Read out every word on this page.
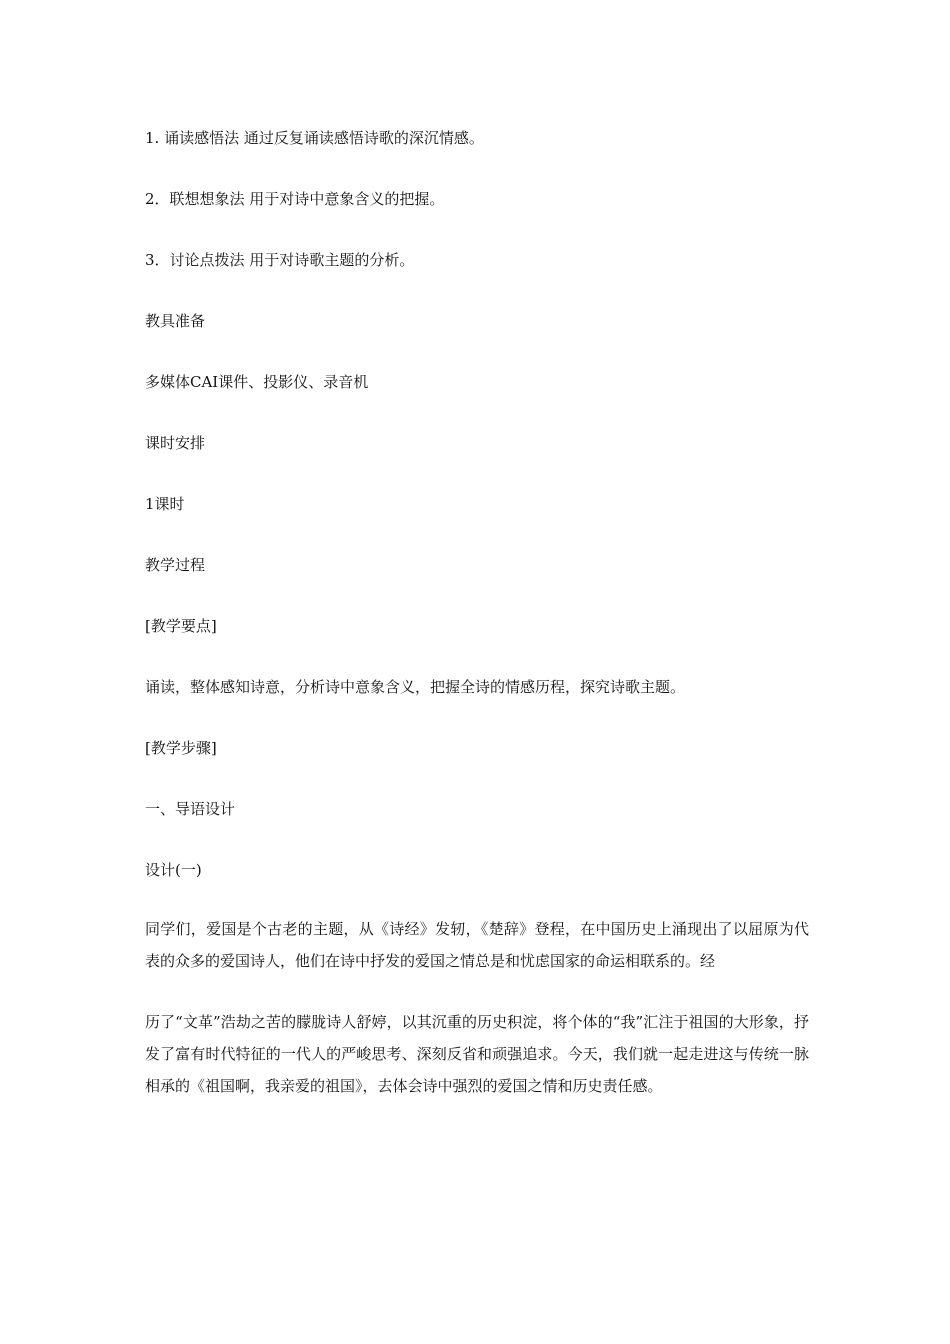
1. 诵读感悟法 通过反复诵读感悟诗歌的深沉情感。

2．联想想象法 用于对诗中意象含义的把握。

3．讨论点拨法 用于对诗歌主题的分析。

教具准备

多媒体CAI课件、投影仪、录音机

课时安排

1课时

教学过程

[教学要点]

诵读，整体感知诗意，分析诗中意象含义，把握全诗的情感历程，探究诗歌主题。

[教学步骤]

一、导语设计

设计(一)

同学们，爱国是个古老的主题，从《诗经》发轫，《楚辞》登程，在中国历史上涌现出了以屈原为代表的众多的爱国诗人，他们在诗中抒发的爱国之情总是和忧虑国家的命运相联系的。经

历了“文革”浩劫之苦的朦胧诗人舒婷，以其沉重的历史积淀，将个体的“我”汇注于祖国的大形象，抒发了富有时代特征的一代人的严峻思考、深刻反省和顽强追求。今天，我们就一起走进这与传统一脉相承的《祖国啊，我亲爱的祖国》，去体会诗中强烈的爱国之情和历史责任感。
